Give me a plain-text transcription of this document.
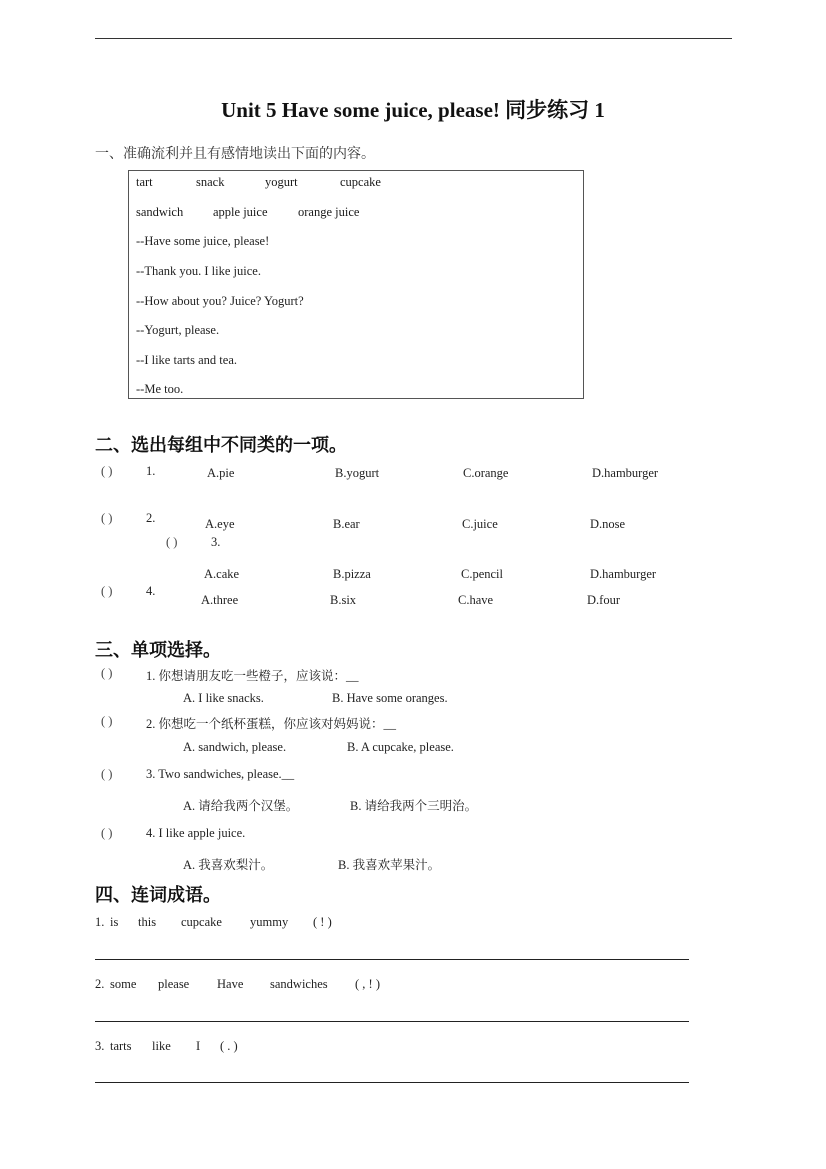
Unit 5 Have some juice, please! 同步练习 1
一、准确流利并且有感情地读出下面的内容。
tart	snack	yogurt	cupcake
sandwich apple juice orange juice
--Have some juice, please!
--Thank you. I like juice.
--How about you? Juice? Yogurt?
--Yogurt, please.
--I like tarts and tea.
--Me too.
二、选出每组中不同类的一项。
( )	1.	A.pie	B.yogurt	C.orange	D.hamburger
( )	2.	A.eye	B.ear	C.juice	D.nose
( )	3.
A.cake	B.pizza	C.pencil	D.hamburger
( )	4.
A.three	B.six	C.have	D.four
三、单项选择。
( )	1. 你想请朋友吃一些橙子，应该说：__
A. I like snacks.	B. Have some oranges.
( )	2. 你想吃一个纸杯蛋糕，你应该对妈妈说：__
A. sandwich, please.	B. A cupcake, please.
( )	3. Two sandwiches, please.__
A. 请给我两个汉堡。	B. 请给我两个三明治。
( )	4. I like apple juice.
A. 我喜欢梨汁。	B. 我喜欢苹果汁。
四、连词成语。
1. is this cupcake yummy ( ! )
2. some please Have sandwiches ( , ! )
3. tarts like I ( . )
